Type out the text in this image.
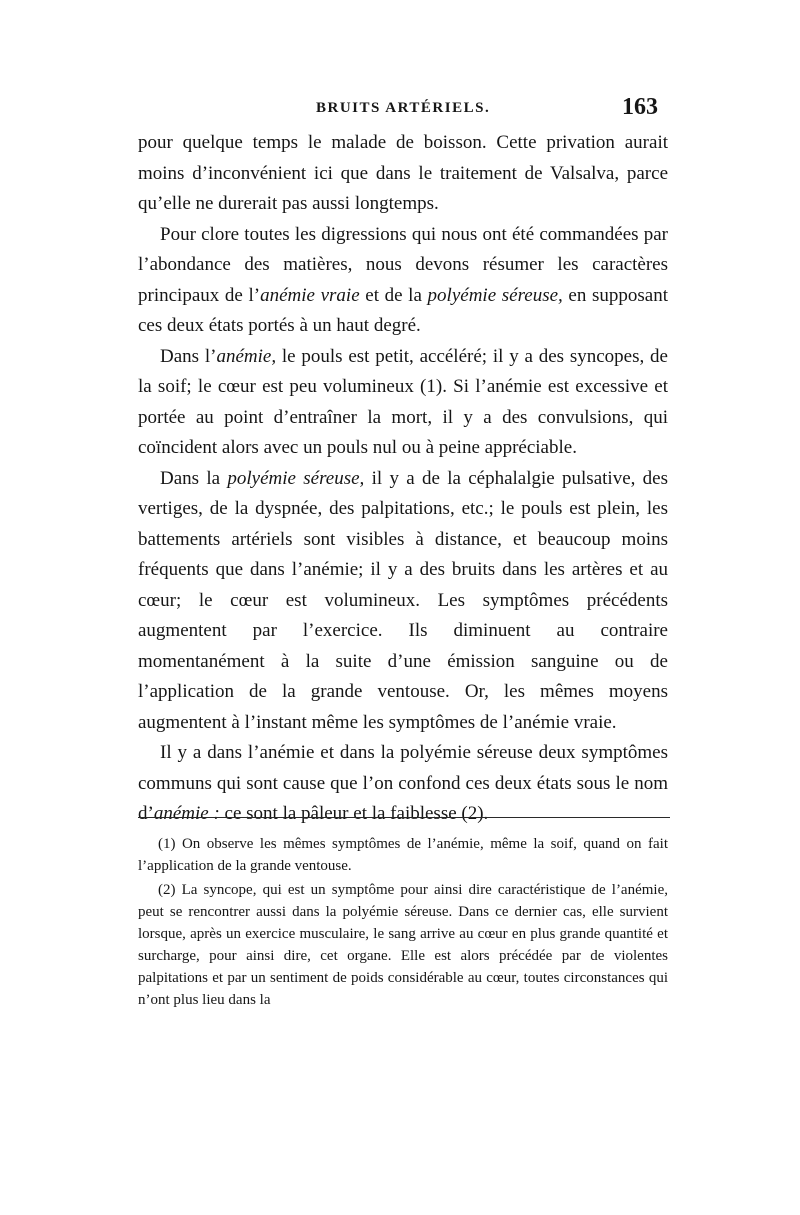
BRUITS ARTÉRIELS.	163

pour quelque temps le malade de boisson. Cette privation aurait moins d’inconvénient ici que dans le traitement de Valsalva, parce qu’elle ne durerait pas aussi longtemps.

Pour clore toutes les digressions qui nous ont été commandées par l’abondance des matières, nous devons résumer les caractères principaux de l’anémie vraie et de la polyémie séreuse, en supposant ces deux états portés à un haut degré.

Dans l’anémie, le pouls est petit, accéléré; il y a des syncopes, de la soif; le cœur est peu volumineux (1). Si l’anémie est excessive et portée au point d’entraîner la mort, il y a des convulsions, qui coïncident alors avec un pouls nul ou à peine appréciable.

Dans la polyémie séreuse, il y a de la céphalalgie pulsative, des vertiges, de la dyspnée, des palpitations, etc.; le pouls est plein, les battements artériels sont visibles à distance, et beaucoup moins fréquents que dans l’anémie; il y a des bruits dans les artères et au cœur; le cœur est volumineux. Les symptômes précédents augmentent par l’exercice. Ils diminuent au contraire momentanément à la suite d’une émission sanguine ou de l’application de la grande ventouse. Or, les mêmes moyens augmentent à l’instant même les symptômes de l’anémie vraie.

Il y a dans l’anémie et dans la polyémie séreuse deux symptômes communs qui sont cause que l’on confond ces deux états sous le nom d’anémie : ce sont la pâleur et la faiblesse (2).

(1) On observe les mêmes symptômes de l’anémie, même la soif, quand on fait l’application de la grande ventouse.

(2) La syncope, qui est un symptôme pour ainsi dire caractéristique de l’anémie, peut se rencontrer aussi dans la polyémie séreuse. Dans ce dernier cas, elle survient lorsque, après un exercice musculaire, le sang arrive au cœur en plus grande quantité et surcharge, pour ainsi dire, cet organe. Elle est alors précédée par de violentes palpitations et par un sentiment de poids considérable au cœur, toutes circonstances qui n’ont plus lieu dans la
